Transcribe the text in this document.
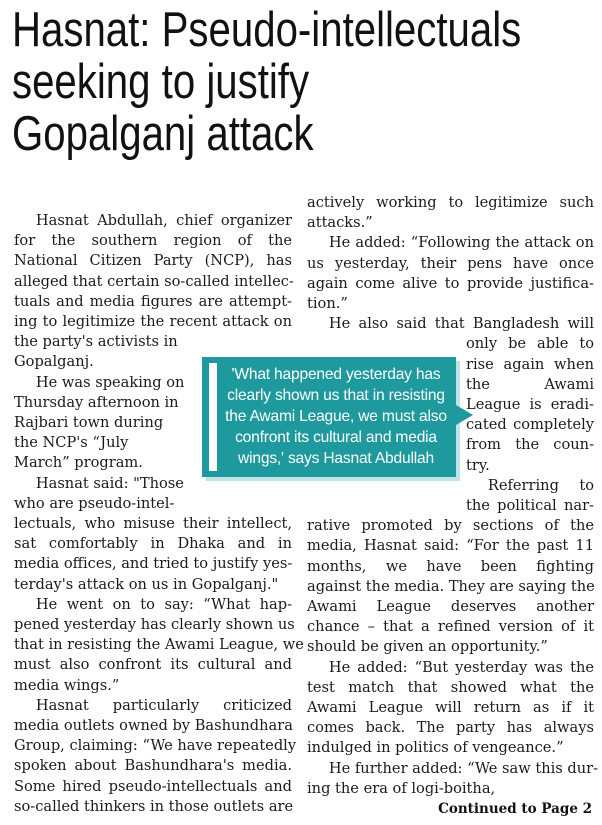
Hasnat: Pseudo-intellectuals
seeking to justify
Gopalganj attack
  Hasnat Abdullah, chief organizer
for the southern region of the
National Citizen Party (NCP), has
alleged that certain so-called intellec-
tuals and media figures are attempt-
ing to legitimize the recent attack on
the party's activists in
Gopalganj.
  He was speaking on
Thursday afternoon in
Rajbari town during
the NCP's “July
March” program.
  Hasnat said: "Those
who are pseudo-intel-
lectuals, who misuse their intellect,
sat comfortably in Dhaka and in
media offices, and tried to justify yes-
terday's attack on us in Gopalganj."
  He went on to say: “What hap-
pened yesterday has clearly shown us
that in resisting the Awami League, we
must also confront its cultural and
media wings.”
  Hasnat particularly criticized
media outlets owned by Bashundhara
Group, claiming: “We have repeatedly
spoken about Bashundhara's media.
Some hired pseudo-intellectuals and
so-called thinkers in those outlets are
actively working to legitimize such
attacks.”
  He added: “Following the attack on
us yesterday, their pens have once
again come alive to provide justifica-
tion.”
  He also said that Bangladesh will
only be able to
rise again when
the Awami
League is eradi-
cated completely
from the coun-
try.
  Referring to
the political nar-
rative promoted by sections of the
media, Hasnat said: “For the past 11
months, we have been fighting
against the media. They are saying the
Awami League deserves another
chance – that a refined version of it
should be given an opportunity.”
  He added: “But yesterday was the
test match that showed what the
Awami League will return as if it
comes back. The party has always
indulged in politics of vengeance.”
  He further added: “We saw this dur-
ing the era of logi-boitha,
'What happened yesterday has
clearly shown us that in resisting
the Awami League, we must also
confront its cultural and media
wings,' says Hasnat Abdullah
Continued to Page 2
